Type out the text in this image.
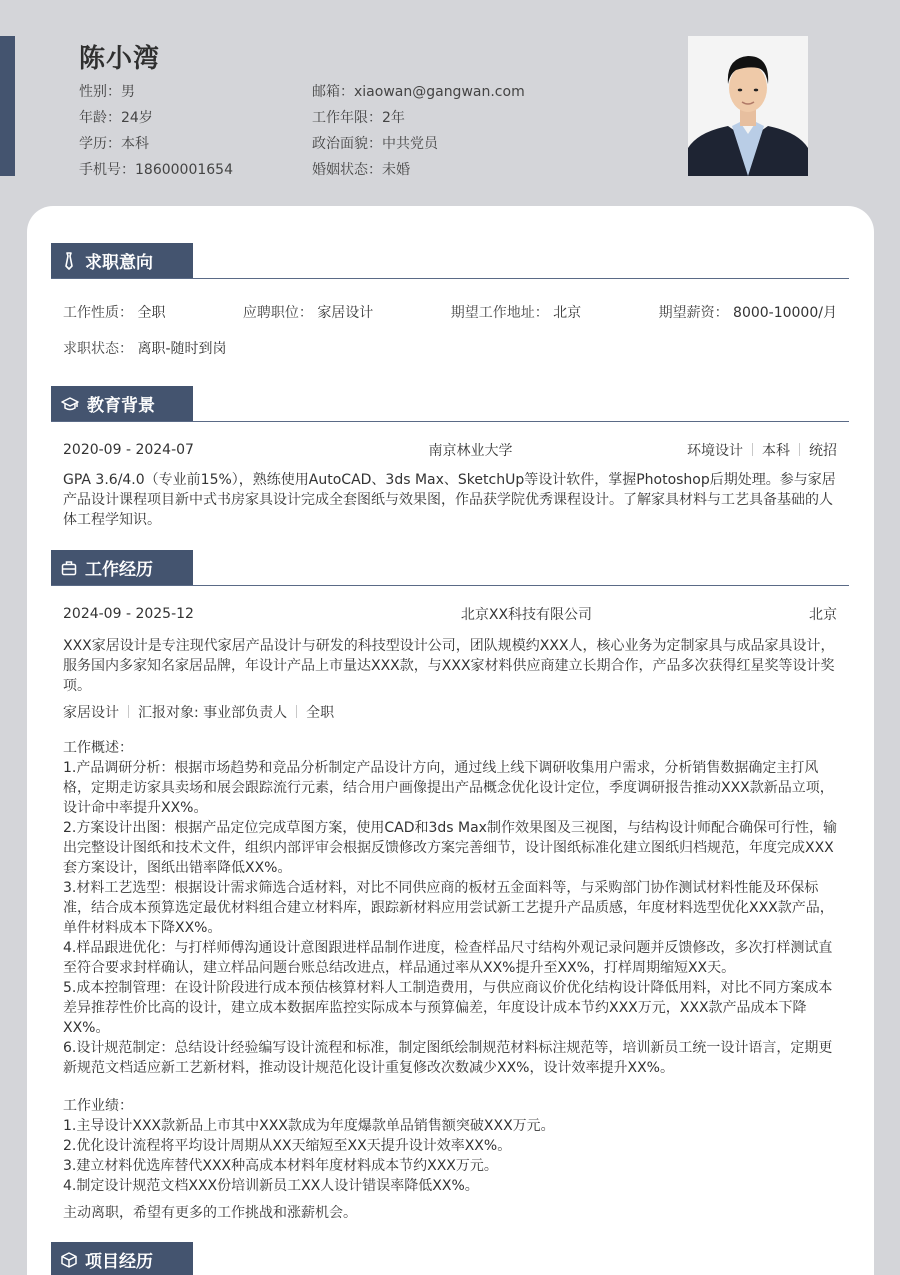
陈小湾
性别： 男
年龄： 24岁
学历： 本科
手机号： 18600001654
邮箱： xiaowan@gangwan.com
工作年限： 2年
政治面貌： 中共党员
婚姻状态： 未婚
求职意向
工作性质： 全职	应聘职位： 家居设计	期望工作地址： 北京	期望薪资： 8000-10000/月
求职状态： 离职-随时到岗
教育背景
2020-09 - 2024-07	南京林业大学	环境设计 本科 统招
GPA 3.6/4.0（专业前15%），熟练使用AutoCAD、3ds Max、SketchUp等设计软件，掌握Photoshop后期处理。参与家居产品设计课程项目新中式书房家具设计完成全套图纸与效果图，作品获学院优秀课程设计。了解家具材料与工艺具备基础的人体工程学知识。
工作经历
2024-09 - 2025-12	北京XX科技有限公司	北京
XXX家居设计是专注现代家居产品设计与研发的科技型设计公司，团队规模约XXX人，核心业务为定制家具与成品家具设计，服务国内多家知名家居品牌，年设计产品上市量达XXX款，与XXX家材料供应商建立长期合作，产品多次获得红星奖等设计奖项。
家居设计 汇报对象: 事业部负责人 全职
工作概述：
1.产品调研分析：根据市场趋势和竞品分析制定产品设计方向，通过线上线下调研收集用户需求，分析销售数据确定主打风格，定期走访家具卖场和展会跟踪流行元素，结合用户画像提出产品概念优化设计定位，季度调研报告推动XXX款新品立项，设计命中率提升XX%。
2.方案设计出图：根据产品定位完成草图方案，使用CAD和3ds Max制作效果图及三视图，与结构设计师配合确保可行性，输出完整设计图纸和技术文件，组织内部评审会根据反馈修改方案完善细节，设计图纸标准化建立图纸归档规范，年度完成XXX套方案设计，图纸出错率降低XX%。
3.材料工艺选型：根据设计需求筛选合适材料，对比不同供应商的板材五金面料等，与采购部门协作测试材料性能及环保标准，结合成本预算选定最优材料组合建立材料库，跟踪新材料应用尝试新工艺提升产品质感，年度材料选型优化XXX款产品，单件材料成本下降XX%。
4.样品跟进优化：与打样师傅沟通设计意图跟进样品制作进度，检查样品尺寸结构外观记录问题并反馈修改，多次打样测试直至符合要求封样确认，建立样品问题台账总结改进点，样品通过率从XX%提升至XX%，打样周期缩短XX天。
5.成本控制管理：在设计阶段进行成本预估核算材料人工制造费用，与供应商议价优化结构设计降低用料，对比不同方案成本差异推荐性价比高的设计，建立成本数据库监控实际成本与预算偏差，年度设计成本节约XXX万元，XXX款产品成本下降XX%。
6.设计规范制定：总结设计经验编写设计流程和标准，制定图纸绘制规范材料标注规范等，培训新员工统一设计语言，定期更新规范文档适应新工艺新材料，推动设计规范化设计重复修改次数减少XX%，设计效率提升XX%。
工作业绩：
1.主导设计XXX款新品上市其中XXX款成为年度爆款单品销售额突破XXX万元。
2.优化设计流程将平均设计周期从XX天缩短至XX天提升设计效率XX%。
3.建立材料优选库替代XXX种高成本材料年度材料成本节约XXX万元。
4.制定设计规范文档XXX份培训新员工XX人设计错误率降低XX%。
主动离职，希望有更多的工作挑战和涨薪机会。
项目经历
